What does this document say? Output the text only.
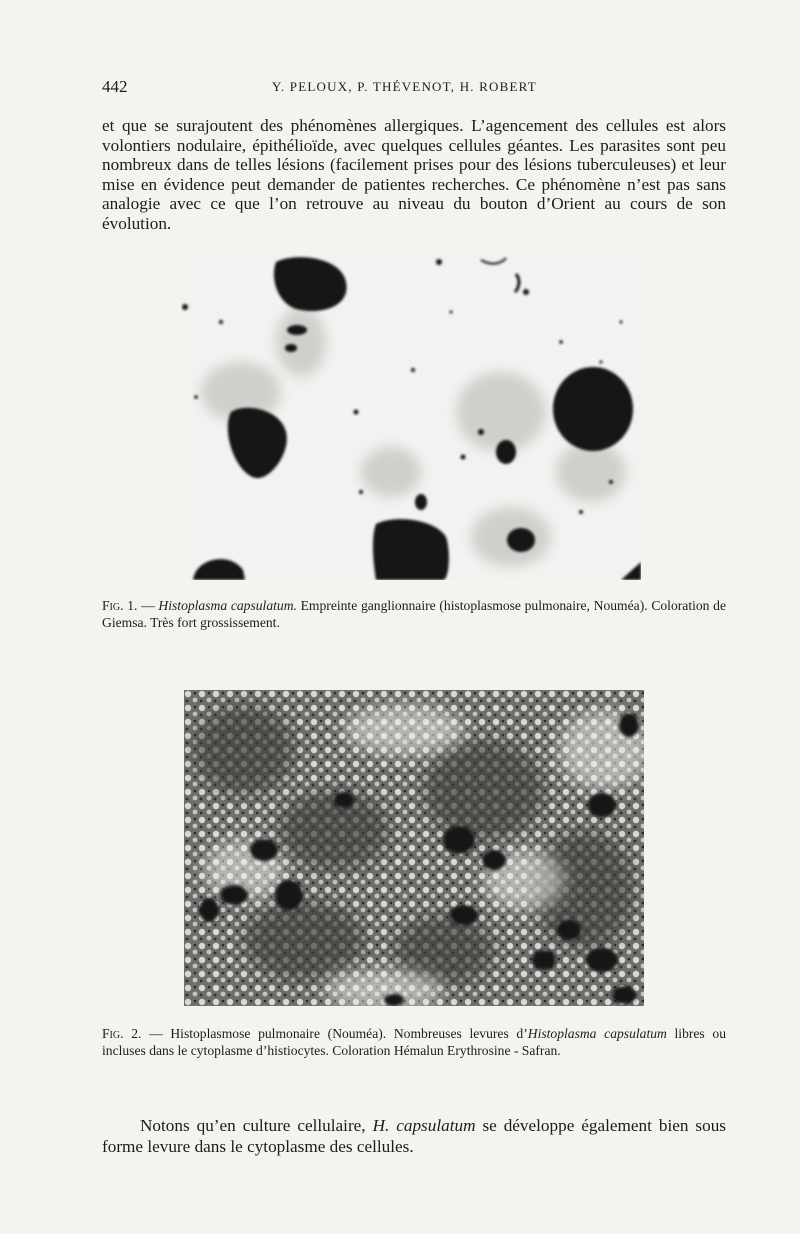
442	Y. PELOUX, P. THÉVENOT, H. ROBERT

et que se surajoutent des phénomènes allergiques. L’agencement des cellules est alors volontiers nodulaire, épithélioïde, avec quelques cellules géantes. Les parasites sont peu nombreux dans de telles lésions (facilement prises pour des lésions tuberculeuses) et leur mise en évidence peut demander de patientes recherches. Ce phénomène n’est pas sans analogie avec ce que l’on retrouve au niveau du bouton d’Orient au cours de son évolution.

Fig. 1. — Histoplasma capsulatum. Empreinte ganglionnaire (histoplasmose pulmonaire, Nouméa). Coloration de Giemsa. Très fort grossissement.

Fig. 2. — Histoplasmose pulmonaire (Nouméa). Nombreuses levures d’Histoplasma capsulatum libres ou incluses dans le cytoplasme d’histiocytes. Coloration Hémalun Erythrosine - Safran.

Notons qu’en culture cellulaire, H. capsulatum se développe également bien sous forme levure dans le cytoplasme des cellules.
